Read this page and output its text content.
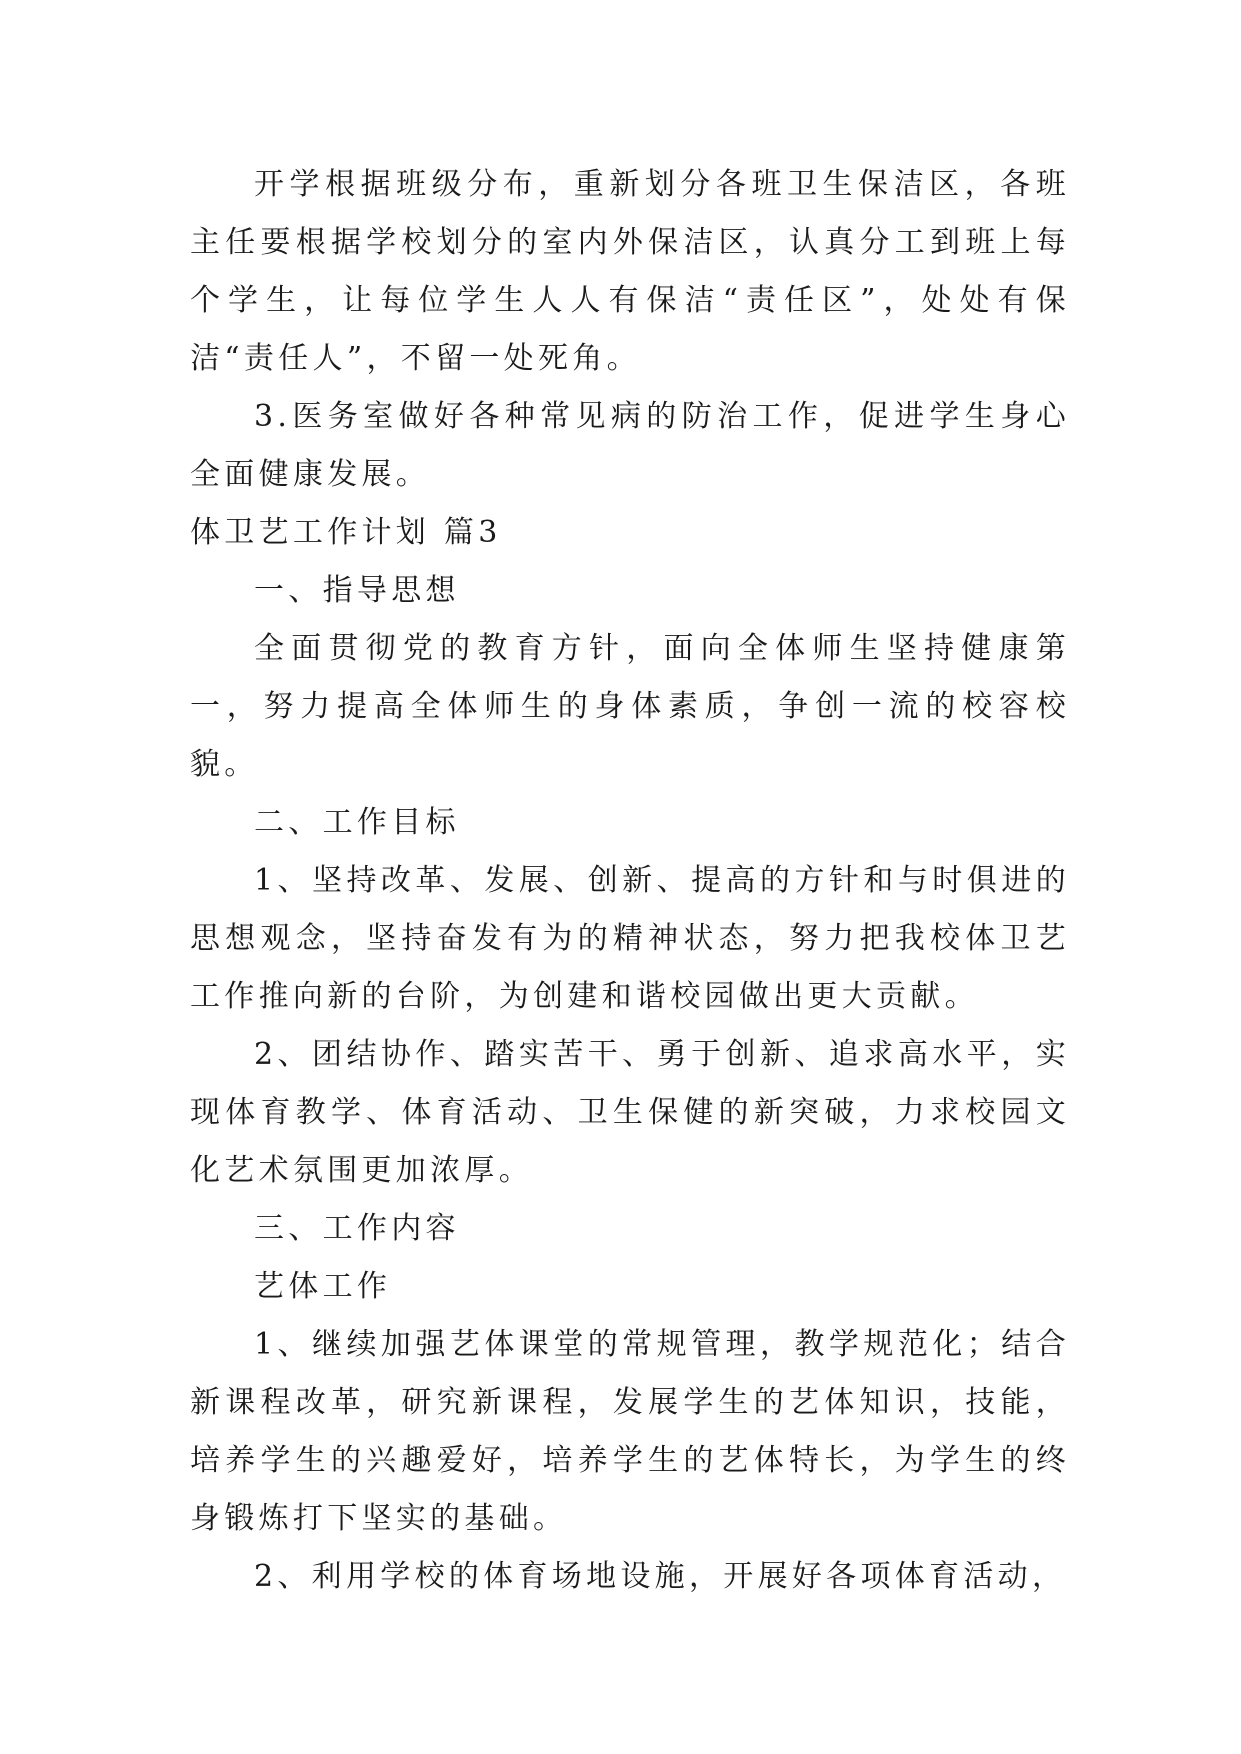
开学根据班级分布，重新划分各班卫生保洁区，各班主任要根据学校划分的室内外保洁区，认真分工到班上每个学生，让每位学生人人有保洁“责任区”，处处有保洁“责任人”，不留一处死角。

3.医务室做好各种常见病的防治工作，促进学生身心全面健康发展。

体卫艺工作计划 篇3

一、指导思想

全面贯彻党的教育方针，面向全体师生坚持健康第一，努力提高全体师生的身体素质，争创一流的校容校貌。

二、工作目标

1、坚持改革、发展、创新、提高的方针和与时俱进的思想观念，坚持奋发有为的精神状态，努力把我校体卫艺工作推向新的台阶，为创建和谐校园做出更大贡献。

2、团结协作、踏实苦干、勇于创新、追求高水平，实现体育教学、体育活动、卫生保健的新突破，力求校园文化艺术氛围更加浓厚。

三、工作内容

艺体工作

1、继续加强艺体课堂的常规管理，教学规范化；结合新课程改革，研究新课程，发展学生的艺体知识，技能，培养学生的兴趣爱好，培养学生的艺体特长，为学生的终身锻炼打下坚实的基础。

2、利用学校的体育场地设施，开展好各项体育活动，
